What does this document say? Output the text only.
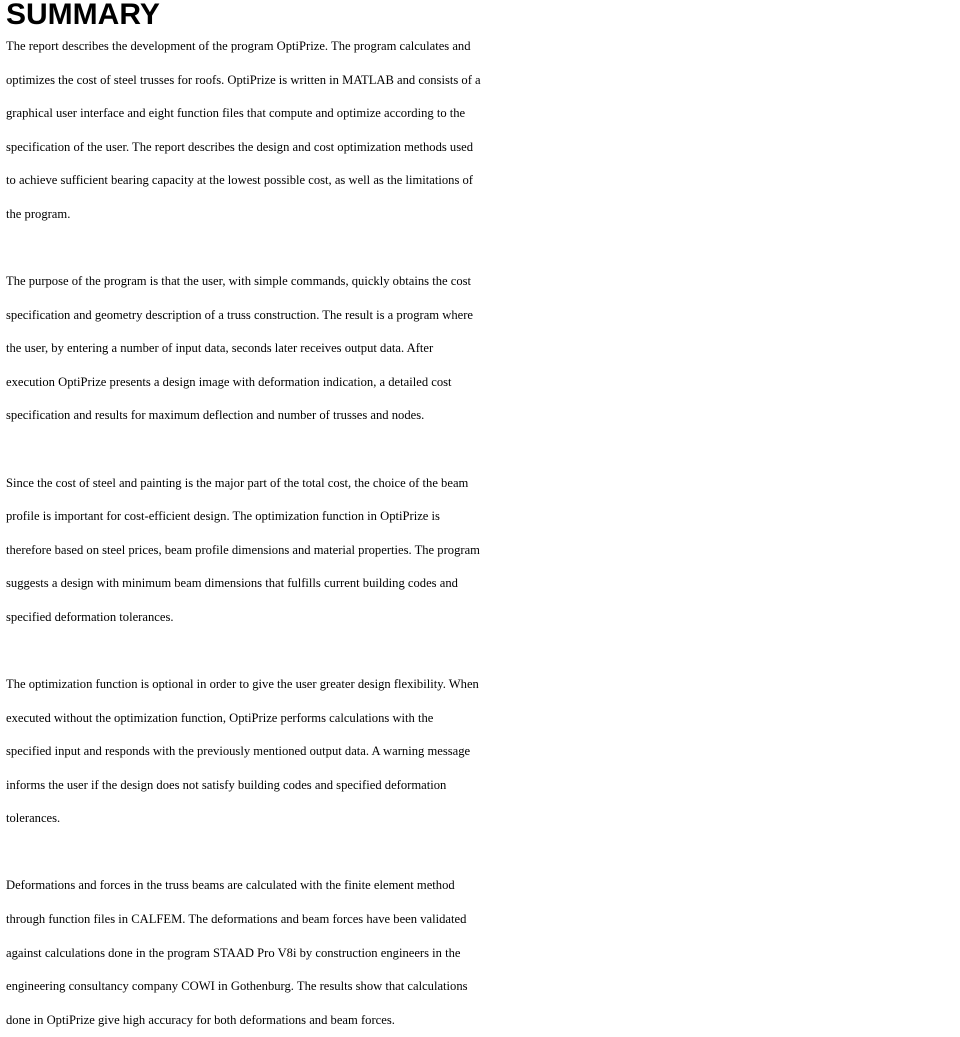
SUMMARY
The report describes the development of the program OptiPrize. The program calculates and
optimizes the cost of steel trusses for roofs. OptiPrize is written in MATLAB and consists of a
graphical user interface and eight function files that compute and optimize according to the
specification of the user. The report describes the design and cost optimization methods used
to achieve sufficient bearing capacity at the lowest possible cost, as well as the limitations of
the program.
The purpose of the program is that the user, with simple commands, quickly obtains the cost
specification and geometry description of a truss construction. The result is a program where
the user, by entering a number of input data, seconds later receives output data. After
execution OptiPrize presents a design image with deformation indication, a detailed cost
specification and results for maximum deflection and number of trusses and nodes.
Since the cost of steel and painting is the major part of the total cost, the choice of the beam
profile is important for cost-efficient design. The optimization function in OptiPrize is
therefore based on steel prices, beam profile dimensions and material properties. The program
suggests a design with minimum beam dimensions that fulfills current building codes and
specified deformation tolerances.
The optimization function is optional in order to give the user greater design flexibility. When
executed without the optimization function, OptiPrize performs calculations with the
specified input and responds with the previously mentioned output data. A warning message
informs the user if the design does not satisfy building codes and specified deformation
tolerances.
Deformations and forces in the truss beams are calculated with the finite element method
through function files in CALFEM. The deformations and beam forces have been validated
against calculations done in the program STAAD Pro V8i by construction engineers in the
engineering consultancy company COWI in Gothenburg. The results show that calculations
done in OptiPrize give high accuracy for both deformations and beam forces.
